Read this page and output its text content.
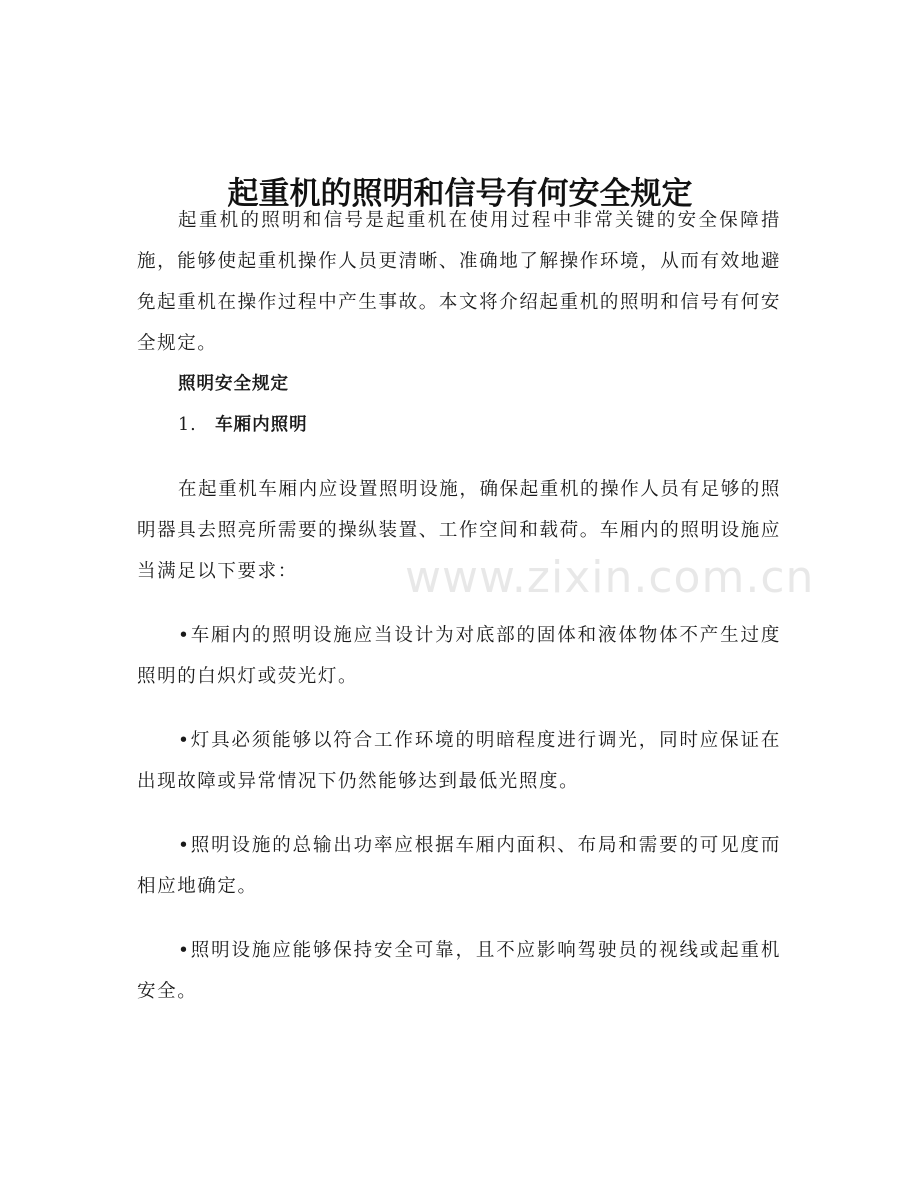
www.zixin.com.cn
起重机的照明和信号有何安全规定

起重机的照明和信号是起重机在使用过程中非常关键的安全保障措施，能够使起重机操作人员更清晰、准确地了解操作环境，从而有效地避免起重机在操作过程中产生事故。本文将介绍起重机的照明和信号有何安全规定。

照明安全规定

1. 车厢内照明

在起重机车厢内应设置照明设施，确保起重机的操作人员有足够的照明器具去照亮所需要的操纵装置、工作空间和载荷。车厢内的照明设施应当满足以下要求：

•车厢内的照明设施应当设计为对底部的固体和液体物体不产生过度照明的白炽灯或荧光灯。

•灯具必须能够以符合工作环境的明暗程度进行调光，同时应保证在出现故障或异常情况下仍然能够达到最低光照度。

•照明设施的总输出功率应根据车厢内面积、布局和需要的可见度而相应地确定。

•照明设施应能够保持安全可靠，且不应影响驾驶员的视线或起重机安全。
